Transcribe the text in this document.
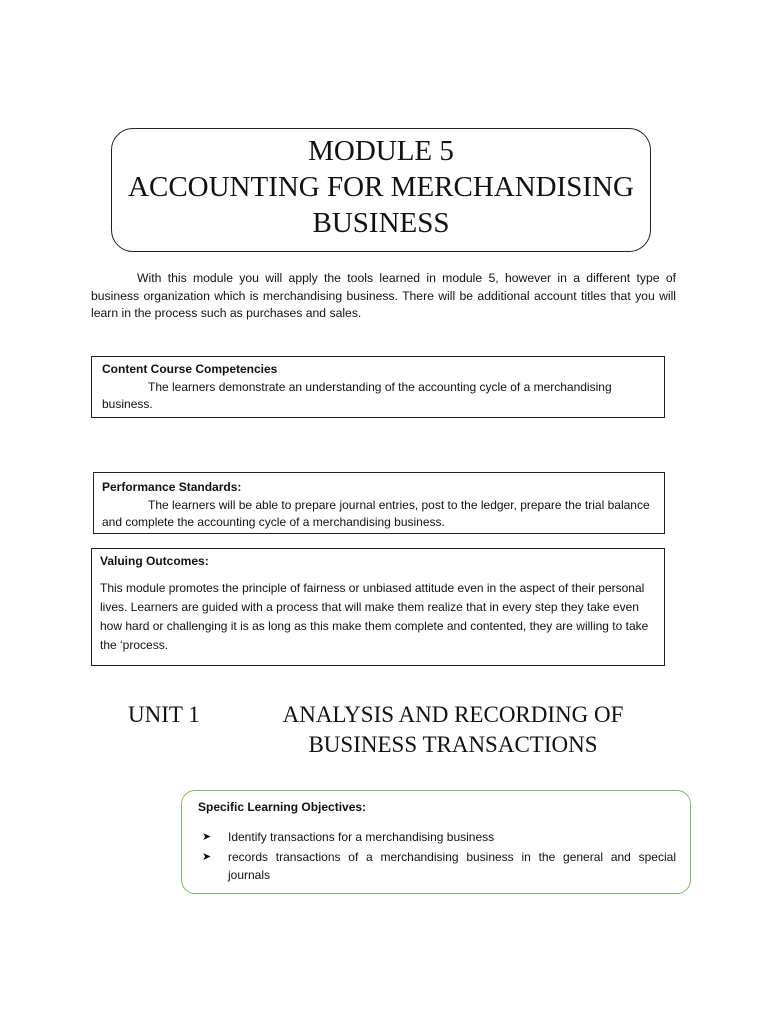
MODULE 5
ACCOUNTING FOR MERCHANDISING
BUSINESS

With this module you will apply the tools learned in module 5, however in a different type of business organization which is merchandising business. There will be additional account titles that you will learn in the process such as purchases and sales.

Content Course Competencies

The learners demonstrate an understanding of the accounting cycle of a merchandising business.

Performance Standards:

The learners will be able to prepare journal entries, post to the ledger, prepare the trial balance and complete the accounting cycle of a merchandising business.

Valuing Outcomes:

This module promotes the principle of fairness or unbiased attitude even in the aspect of their personal lives. Learners are guided with a process that will make them realize that in every step they take even how hard or challenging it is as long as this make them complete and contented, they are willing to take the ‘process.

UNIT 1	ANALYSIS AND RECORDING OF BUSINESS TRANSACTIONS
Specific Learning Objectives:
➤ Identify transactions for a merchandising business
➤ records transactions of a merchandising business in the general and special journals
